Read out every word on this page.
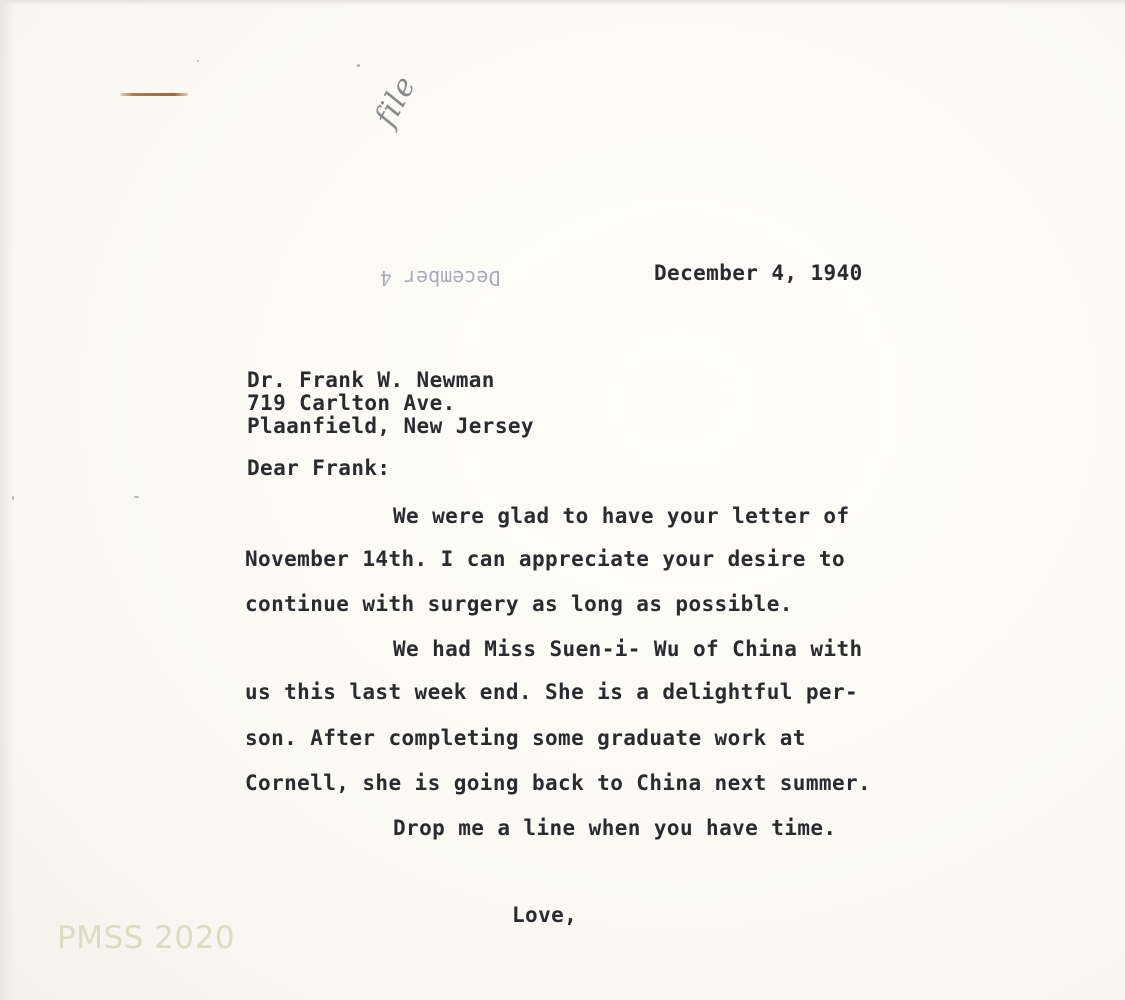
file
December 4	December 4, 1940
Dr. Frank W. Newman
719 Carlton Ave.
Plaanfield, New Jersey
Dear Frank:
We were glad to have your letter of
November 14th. I can appreciate your desire to
continue with surgery as long as possible.
We had Miss Suen-i- Wu of China with
us this last week end. She is a delightful per-
son. After completing some graduate work at
Cornell, she is going back to China next summer.
Drop me a line when you have time.
Love,
PMSS 2020
